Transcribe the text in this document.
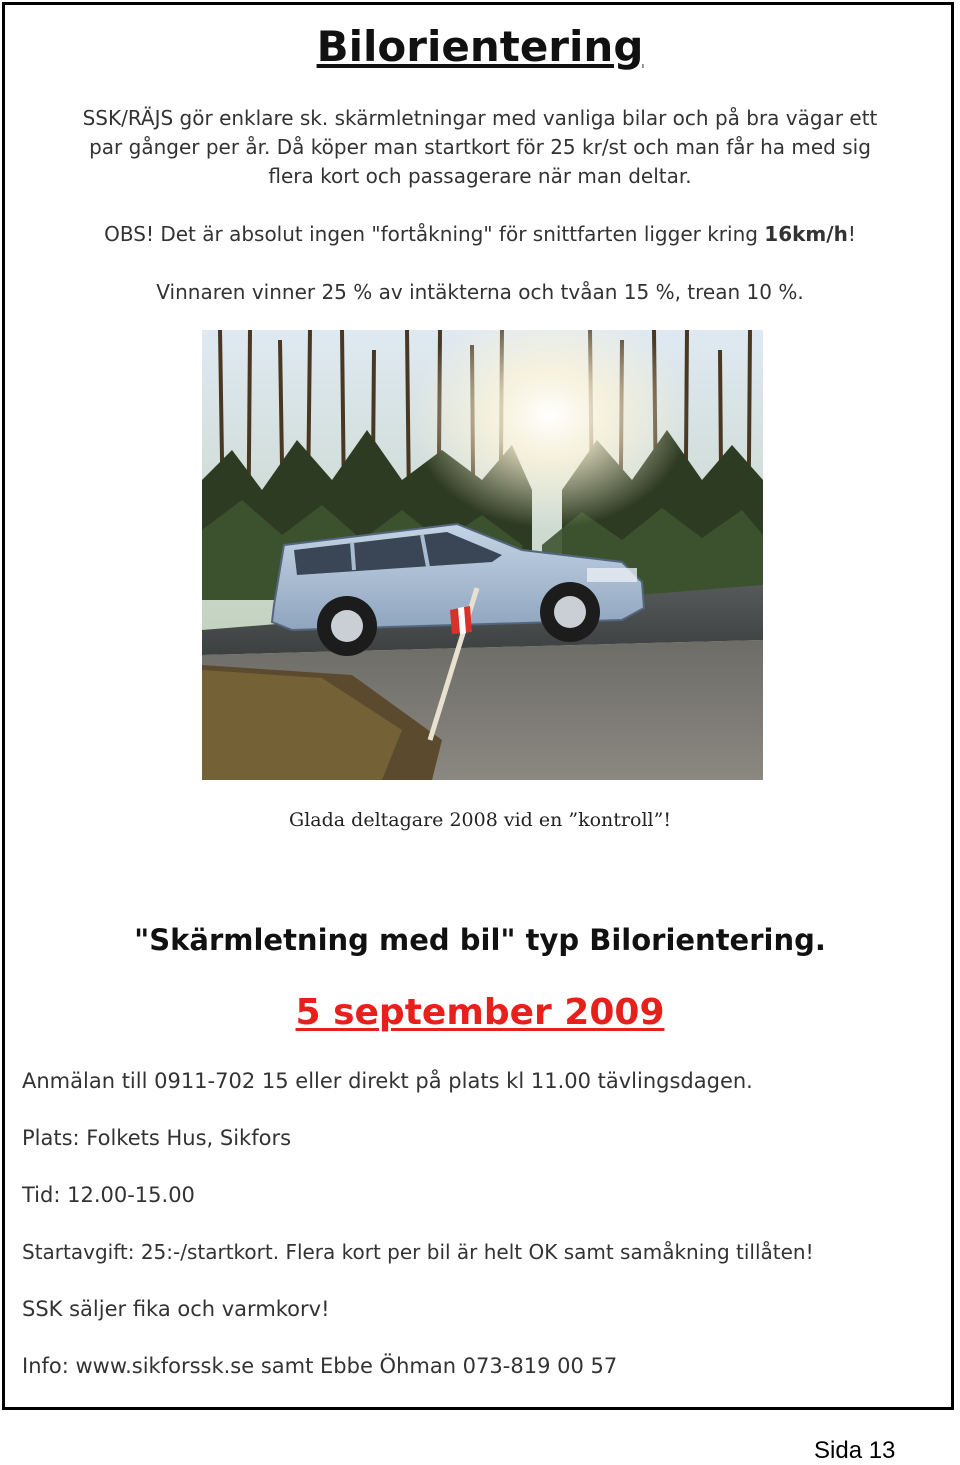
Bilorientering
SSK/RÄJS gör enklare sk. skärmletningar med vanliga bilar och på bra vägar ett
par gånger per år. Då köper man startkort för 25 kr/st och man får ha med sig
flera kort och passagerare när man deltar.
OBS! Det är absolut ingen "fortåkning" för snittfarten ligger kring 16km/h!
Vinnaren vinner 25 % av intäkterna och tvåan 15 %, trean 10 %.
Glada deltagare 2008 vid en ”kontroll”!
"Skärmletning med bil" typ Bilorientering.
5 september 2009
Anmälan till 0911-702 15 eller direkt på plats kl 11.00 tävlingsdagen.
Plats: Folkets Hus, Sikfors
Tid: 12.00-15.00
Startavgift: 25:-/startkort. Flera kort per bil är helt OK samt samåkning tillåten!
SSK säljer fika och varmkorv!
Info: www.sikforssk.se samt Ebbe Öhman 073-819 00 57
Sida 13
